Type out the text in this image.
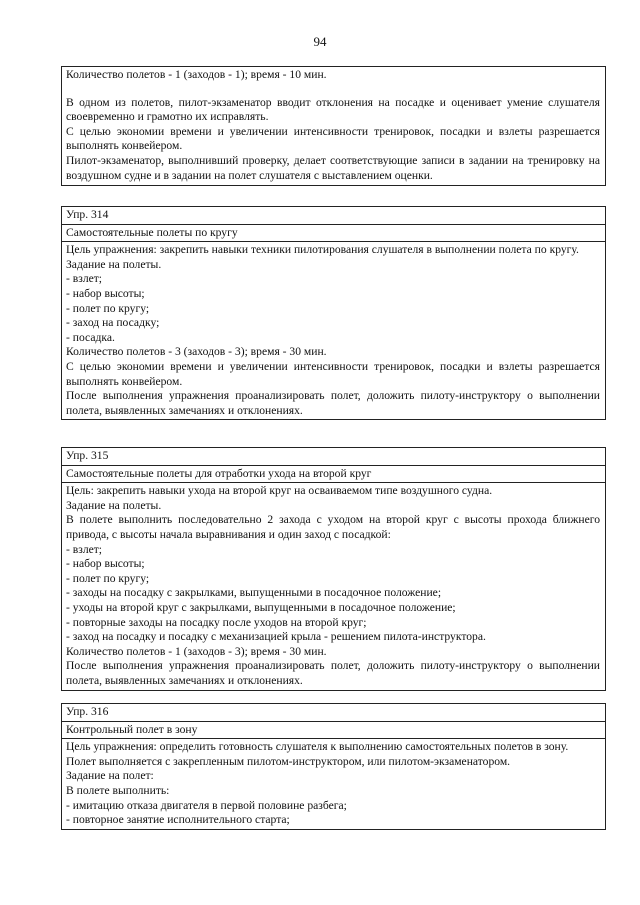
94

Количество полетов - 1 (заходов - 1); время - 10 мин.

В одном из полетов, пилот-экзаменатор вводит отклонения на посадке и оценивает умение слушателя своевременно и грамотно их исправлять.

С целью экономии времени и увеличении интенсивности тренировок, посадки и взлеты разрешается выполнять конвейером.

Пилот-экзаменатор, выполнивший проверку, делает соответствующие записи в задании на тренировку на воздушном судне и в задании на полет слушателя с выставлением оценки.

Упр. 314
Самостоятельные полеты по кругу

Цель упражнения: закрепить навыки техники пилотирования слушателя в выполнении полета по кругу.

Задание на полеты.

- взлет;

- набор высоты;

- полет по кругу;

- заход на посадку;

- посадка.

Количество полетов - 3 (заходов - 3); время - 30 мин.

С целью экономии времени и увеличении интенсивности тренировок, посадки и взлеты разрешается выполнять конвейером.

После выполнения упражнения проанализировать полет, доложить пилоту-инструктору о выполнении полета, выявленных замечаниях и отклонениях.

Упр. 315
Самостоятельные полеты для отработки ухода на второй круг

Цель: закрепить навыки ухода на второй круг на осваиваемом типе воздушного судна.

Задание на полеты.

В полете выполнить последовательно 2 захода с уходом на второй круг с высоты прохода ближнего привода, с высоты начала выравнивания и один заход с посадкой:

- взлет;

- набор высоты;

- полет по кругу;

- заходы на посадку с закрылками, выпущенными в посадочное положение;

- уходы на второй круг с закрылками, выпущенными в посадочное положение;

- повторные заходы на посадку после уходов на второй круг;

- заход на посадку и посадку с механизацией крыла - решением пилота-инструктора.

Количество полетов - 1 (заходов - 3); время - 30 мин.

После выполнения упражнения проанализировать полет, доложить пилоту-инструктору о выполнении полета, выявленных замечаниях и отклонениях.

Упр. 316
Контрольный полет в зону

Цель упражнения: определить готовность слушателя к выполнению самостоятельных полетов в зону.

Полет выполняется с закрепленным пилотом-инструктором, или пилотом-экзаменатором.

Задание на полет:

В полете выполнить:

- имитацию отказа двигателя в первой половине разбега;

- повторное занятие исполнительного старта;
